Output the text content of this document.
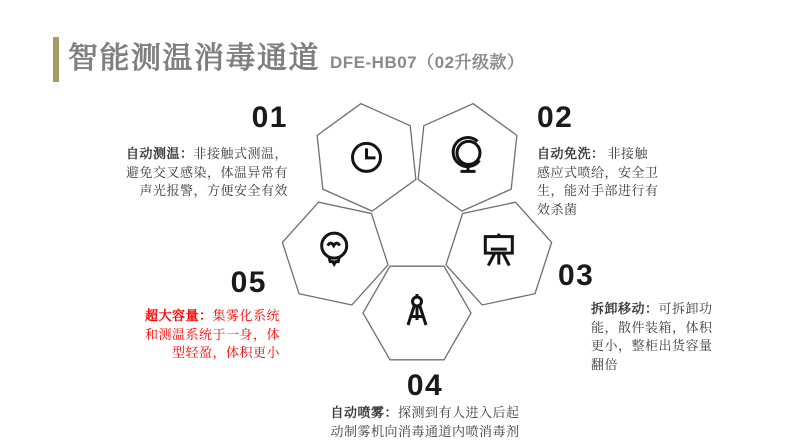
智能测温消毒通道 DFE-HB07（02升级款）
01
自动测温：非接触式测温，避免交叉感染，体温异常有声光报警，方便安全有效
02
自动免洗： 非接触感应式喷给，安全卫生，能对手部进行有效杀菌
03
拆卸移动：可拆卸功能，散件装箱，体积更小，整柜出货容量翻倍
04
自动喷雾：探测到有人进入后起动制雾机向消毒通道内喷消毒剂
05
超大容量：集雾化系统和测温系统于一身，体型轻盈，体积更小
